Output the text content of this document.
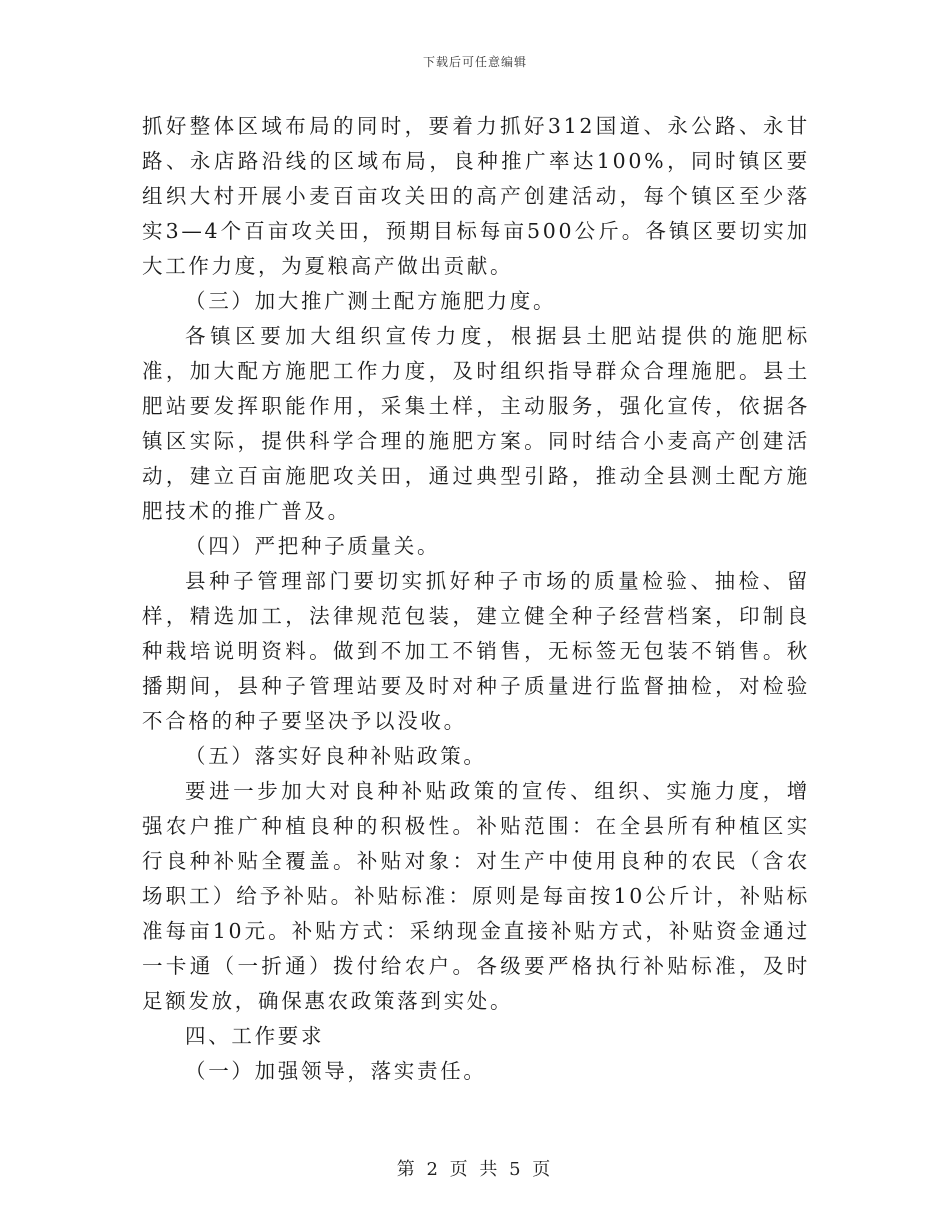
下载后可任意编辑

抓好整体区域布局的同时，要着力抓好312国道、永公路、永甘路、永店路沿线的区域布局，良种推广率达100%，同时镇区要组织大村开展小麦百亩攻关田的高产创建活动，每个镇区至少落实3—4个百亩攻关田，预期目标每亩500公斤。各镇区要切实加大工作力度，为夏粮高产做出贡献。

（三）加大推广测土配方施肥力度。

各镇区要加大组织宣传力度，根据县土肥站提供的施肥标准，加大配方施肥工作力度，及时组织指导群众合理施肥。县土肥站要发挥职能作用，采集土样，主动服务，强化宣传，依据各镇区实际，提供科学合理的施肥方案。同时结合小麦高产创建活动，建立百亩施肥攻关田，通过典型引路，推动全县测土配方施肥技术的推广普及。

（四）严把种子质量关。

县种子管理部门要切实抓好种子市场的质量检验、抽检、留样，精选加工，法律规范包装，建立健全种子经营档案，印制良种栽培说明资料。做到不加工不销售，无标签无包装不销售。秋播期间，县种子管理站要及时对种子质量进行监督抽检，对检验不合格的种子要坚决予以没收。

（五）落实好良种补贴政策。

要进一步加大对良种补贴政策的宣传、组织、实施力度，增强农户推广种植良种的积极性。补贴范围：在全县所有种植区实行良种补贴全覆盖。补贴对象：对生产中使用良种的农民（含农场职工）给予补贴。补贴标准：原则是每亩按10公斤计，补贴标准每亩10元。补贴方式：采纳现金直接补贴方式，补贴资金通过一卡通（一折通）拨付给农户。各级要严格执行补贴标准，及时足额发放，确保惠农政策落到实处。

四、工作要求

（一）加强领导，落实责任。

第 2 页 共 5 页
